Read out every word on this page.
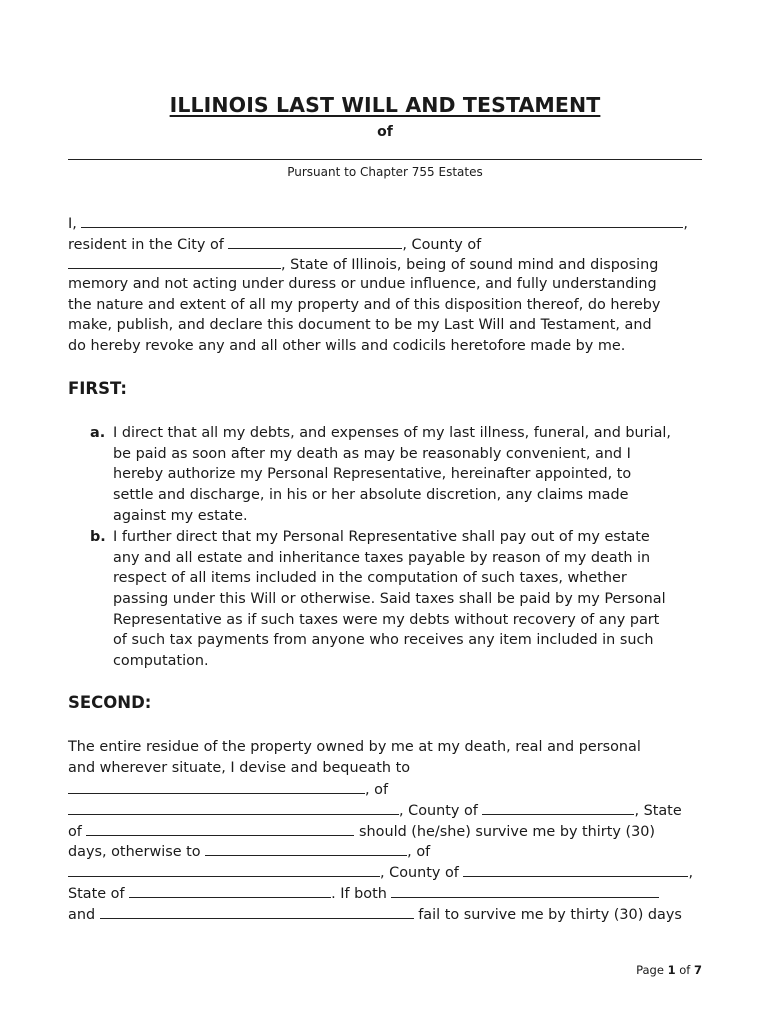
ILLINOIS LAST WILL AND TESTAMENT
of
Pursuant to Chapter 755 Estates
I,	,
resident in the City of	, County of
, State of Illinois, being of sound mind and disposing
memory and not acting under duress or undue influence, and fully understanding
the nature and extent of all my property and of this disposition thereof, do hereby
make, publish, and declare this document to be my Last Will and Testament, and
do hereby revoke any and all other wills and codicils heretofore made by me.
FIRST:
a. I direct that all my debts, and expenses of my last illness, funeral, and burial,
be paid as soon after my death as may be reasonably convenient, and I
hereby authorize my Personal Representative, hereinafter appointed, to
settle and discharge, in his or her absolute discretion, any claims made
against my estate.
b. I further direct that my Personal Representative shall pay out of my estate
any and all estate and inheritance taxes payable by reason of my death in
respect of all items included in the computation of such taxes, whether
passing under this Will or otherwise. Said taxes shall be paid by my Personal
Representative as if such taxes were my debts without recovery of any part
of such tax payments from anyone who receives any item included in such
computation.
SECOND:
The entire residue of the property owned by me at my death, real and personal
and wherever situate, I devise and bequeath to
, of
, County of	, State
of	should (he/she) survive me by thirty (30)
days, otherwise to	, of
, County of	,
State of	. If both
and	fail to survive me by thirty (30) days
Page 1 of 7
